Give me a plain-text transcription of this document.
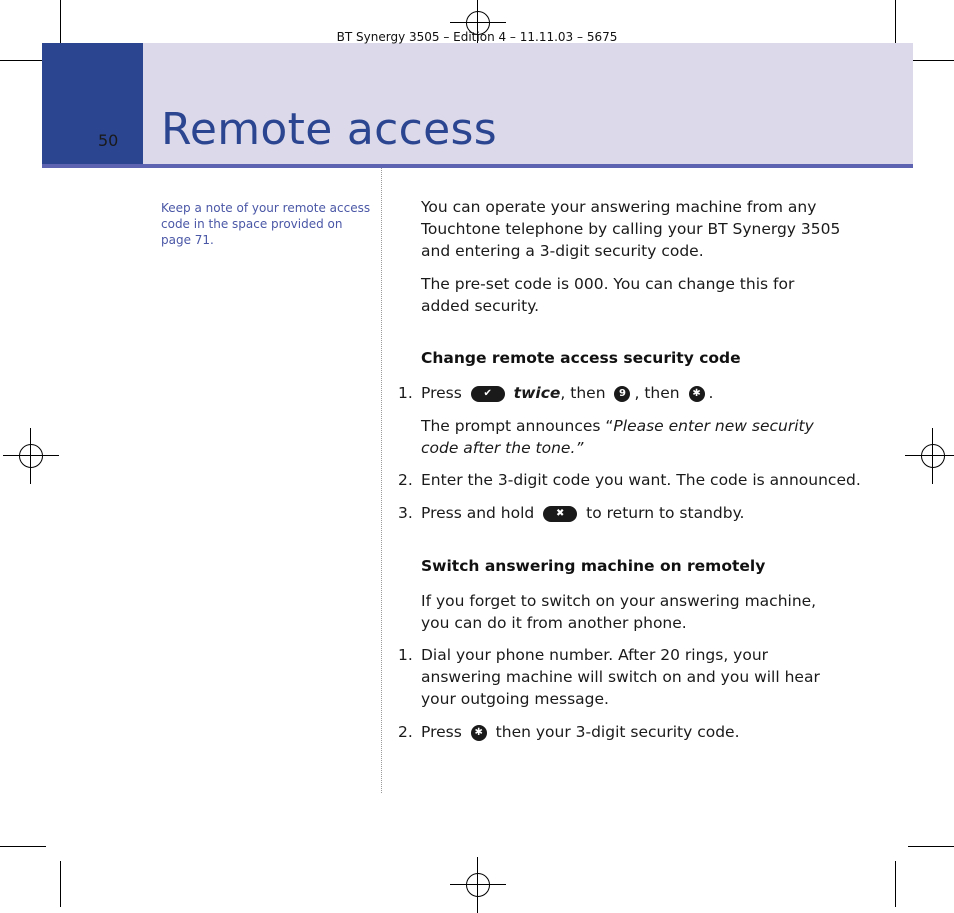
BT Synergy 3505 – Edition 4 – 11.11.03 – 5675
50 Remote access
Keep a note of your remote access code in the space provided on page 71.
You can operate your answering machine from any Touchtone telephone by calling your BT Synergy 3505 and entering a 3-digit security code.
The pre-set code is 000. You can change this for added security.
Change remote access security code
1. Press ✔ twice, then 9 , then ✱ .
The prompt announces “Please enter new security code after the tone.”
2. Enter the 3-digit code you want. The code is announced.
3. Press and hold ✖ to return to standby.
Switch answering machine on remotely
If you forget to switch on your answering machine, you can do it from another phone.
1. Dial your phone number. After 20 rings, your answering machine will switch on and you will hear your outgoing message.
2. Press ✱ then your 3-digit security code.
